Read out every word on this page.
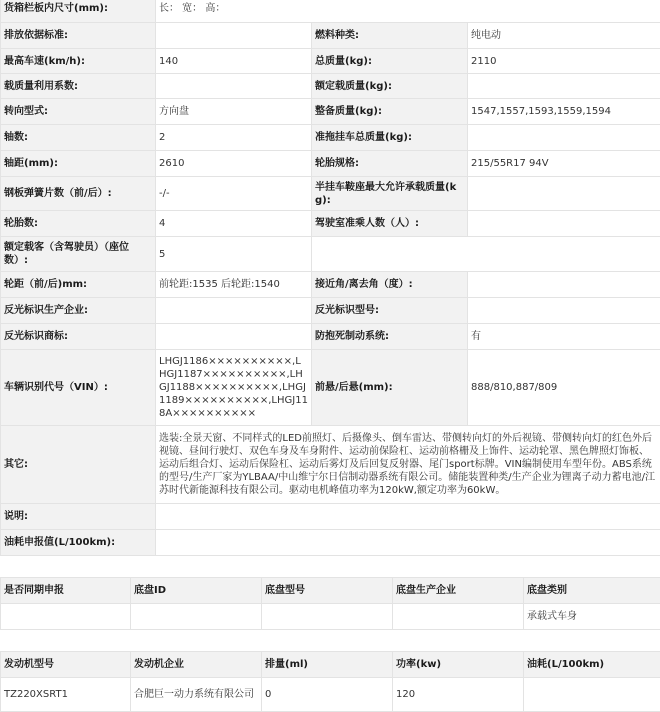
货箱栏板内尺寸(mm):	长： 宽： 高：		
排放依据标准:		燃料种类:	纯电动
最高车速(km/h):	140	总质量(kg):	2110
载质量利用系数:		额定载质量(kg):	
转向型式:	方向盘	整备质量(kg):	1547,1557,1593,1559,1594
轴数:	2	准拖挂车总质量(kg):	
轴距(mm):	2610	轮胎规格:	215/55R17 94V
钢板弹簧片数（前/后）:	-/-	半挂车鞍座最大允许承载质量(kg):	
轮胎数:	4	驾驶室准乘人数（人）:	
额定载客（含驾驶员）（座位数）:	5		
轮距（前/后)mm:	前轮距:1535 后轮距:1540	接近角/离去角（度）:	
反光标识生产企业:		反光标识型号:	
反光标识商标:		防抱死制动系统:	有
车辆识别代号（VIN）:	LHGJ1186××××××××××,LHGJ1187××××××××××,LHGJ1188××××××××××,LHGJ1189××××××××××,LHGJ118A××××××××××	前悬/后悬(mm):	888/810,887/809
其它:	选装:全景天窗、不同样式的LED前照灯、后摄像头、倒车雷达、带侧转向灯的外后视镜、带侧转向灯的红色外后视镜、昼间行驶灯、双色车身及车身附件、运动前保险杠、运动前格栅及上饰件、运动轮罩、黑色牌照灯饰板、运动后组合灯、运动后保险杠、运动后雾灯及后回复反射器、尾门sport标牌。VIN编制使用车型年份。ABS系统的型号/生产厂家为YLBAA/中山维宁尔日信制动器系统有限公司。储能装置种类/生产企业为锂离子动力蓄电池/江苏时代新能源科技有限公司。驱动电机峰值功率为120kW,额定功率为60kW。		
说明:			
油耗申报值(L/100km):			
是否同期申报	底盘ID	底盘型号	底盘生产企业	底盘类别
				承载式车身
发动机型号	发动机企业	排量(ml)	功率(kw)	油耗(L/100km)
TZ220XSRT1	合肥巨一动力系统有限公司	0	120	
